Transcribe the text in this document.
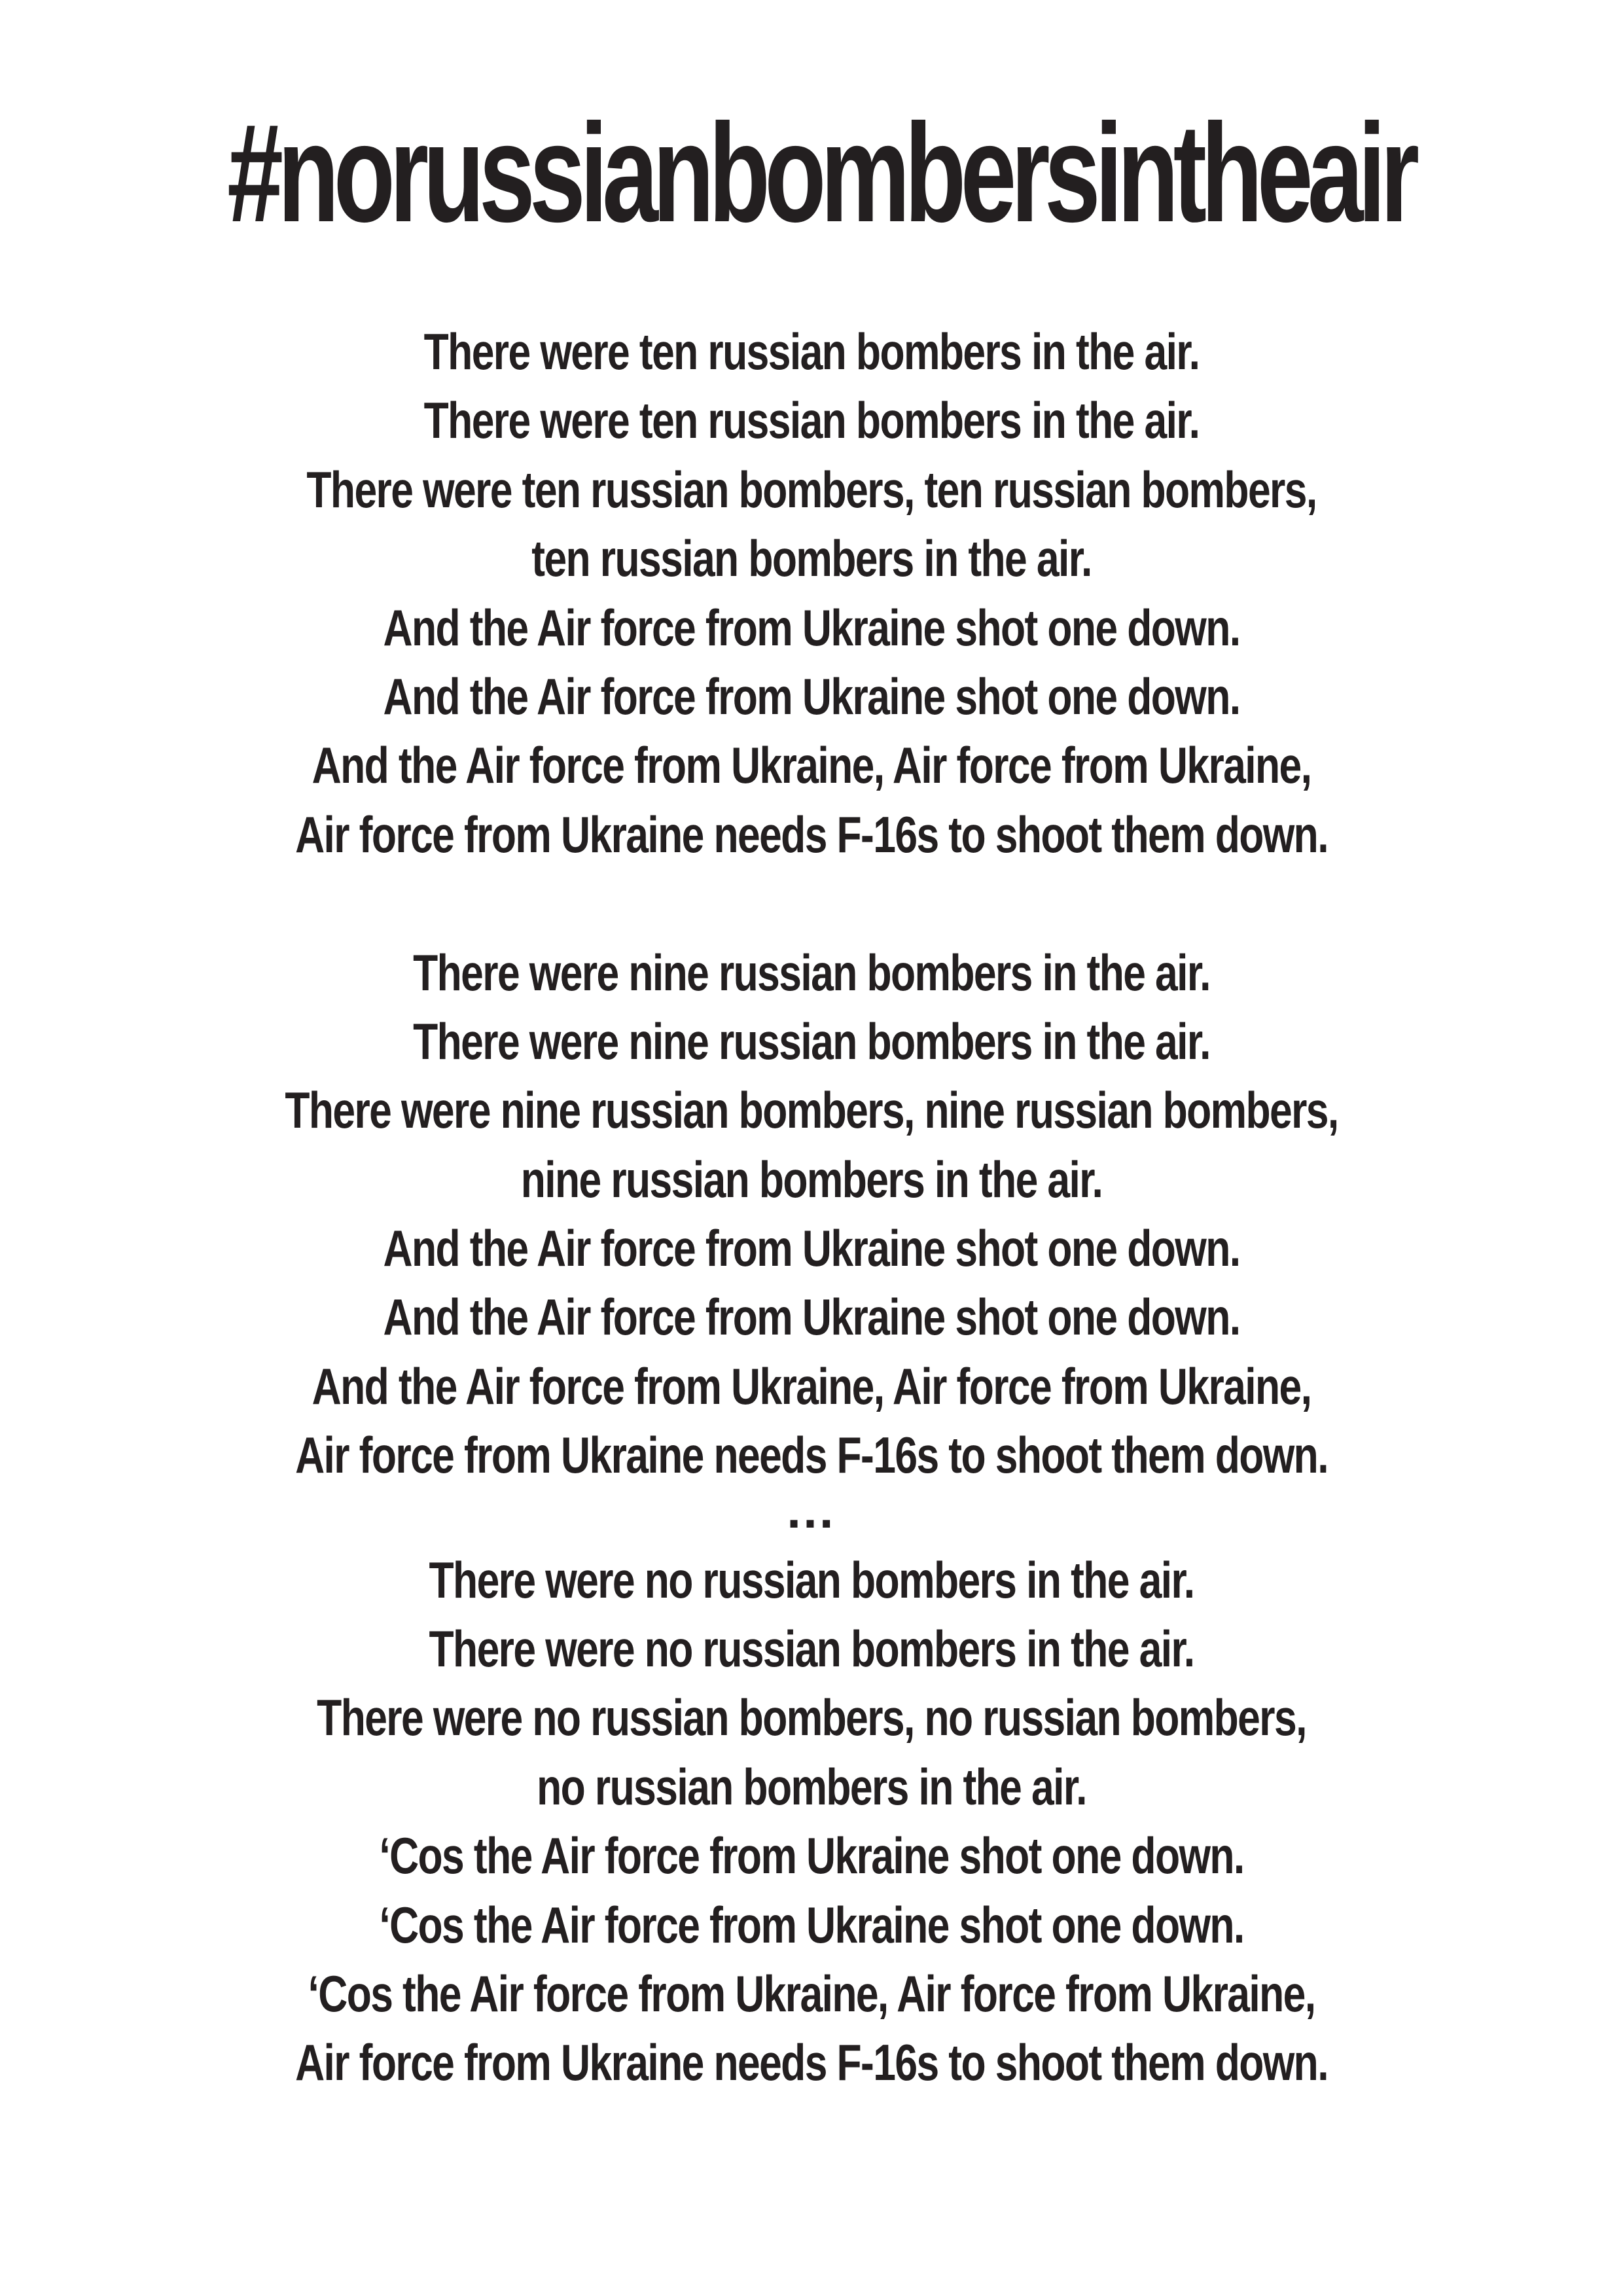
#norussianbombersintheair
There were ten russian bombers in the air.
There were ten russian bombers in the air.
There were ten russian bombers, ten russian bombers,
ten russian bombers in the air.
And the Air force from Ukraine shot one down.
And the Air force from Ukraine shot one down.
And the Air force from Ukraine, Air force from Ukraine,
Air force from Ukraine needs F-16s to shoot them down.
There were nine russian bombers in the air.
There were nine russian bombers in the air.
There were nine russian bombers, nine russian bombers,
nine russian bombers in the air.
And the Air force from Ukraine shot one down.
And the Air force from Ukraine shot one down.
And the Air force from Ukraine, Air force from Ukraine,
Air force from Ukraine needs F-16s to shoot them down.
…
There were no russian bombers in the air.
There were no russian bombers in the air.
There were no russian bombers, no russian bombers,
no russian bombers in the air.
‘Cos the Air force from Ukraine shot one down.
‘Cos the Air force from Ukraine shot one down.
‘Cos the Air force from Ukraine, Air force from Ukraine,
Air force from Ukraine needs F-16s to shoot them down.
